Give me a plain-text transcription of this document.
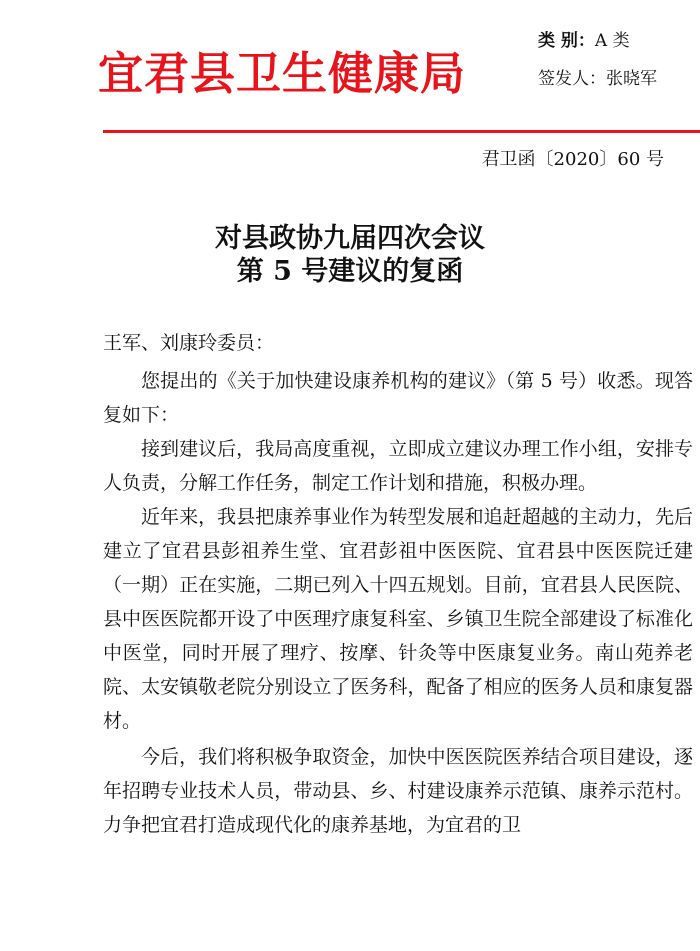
宜君县卫生健康局
类 别：A 类
签发人：张晓军
君卫函〔2020〕60 号
对县政协九届四次会议
第 5 号建议的复函

王军、刘康玲委员：

您提出的《关于加快建设康养机构的建议》（第 5 号）收悉。现答复如下：

接到建议后，我局高度重视，立即成立建议办理工作小组，安排专人负责，分解工作任务，制定工作计划和措施，积极办理。

近年来，我县把康养事业作为转型发展和追赶超越的主动力，先后建立了宜君县彭祖养生堂、宜君彭祖中医医院、宜君县中医医院迁建（一期）正在实施，二期已列入十四五规划。目前，宜君县人民医院、县中医医院都开设了中医理疗康复科室、乡镇卫生院全部建设了标准化中医堂，同时开展了理疗、按摩、针灸等中医康复业务。南山苑养老院、太安镇敬老院分别设立了医务科，配备了相应的医务人员和康复器材。

今后，我们将积极争取资金，加快中医医院医养结合项目建设，逐年招聘专业技术人员，带动县、乡、村建设康养示范镇、康养示范村。力争把宜君打造成现代化的康养基地，为宜君的卫
